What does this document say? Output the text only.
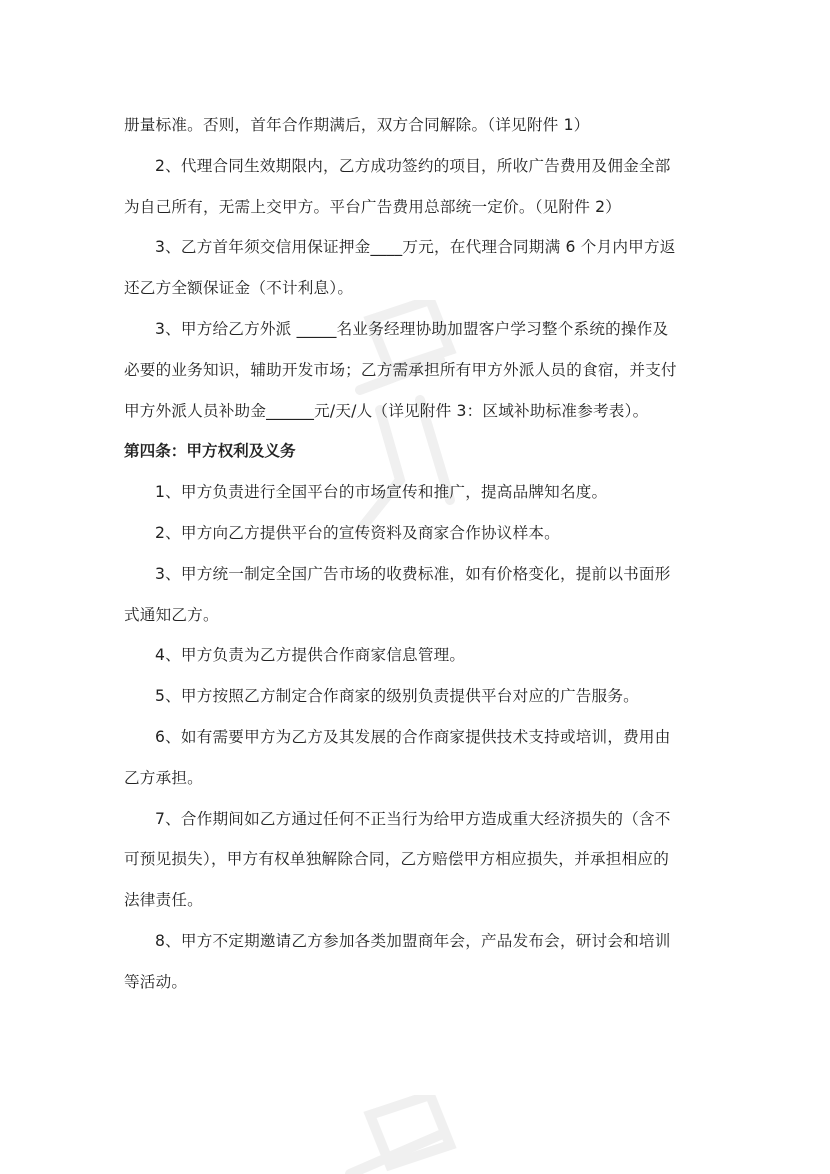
册量标准。否则，首年合作期满后，双方合同解除。（详见附件 1）
2、代理合同生效期限内，乙方成功签约的项目，所收广告费用及佣金全部
为自己所有，无需上交甲方。平台广告费用总部统一定价。（见附件 2）
3、乙方首年须交信用保证押金____万元，在代理合同期满 6 个月内甲方返
还乙方全额保证金（不计利息）。
3、甲方给乙方外派 _____名业务经理协助加盟客户学习整个系统的操作及
必要的业务知识，辅助开发市场；乙方需承担所有甲方外派人员的食宿，并支付
甲方外派人员补助金______元/天/人（详见附件 3：区域补助标准参考表）。
第四条：甲方权利及义务
1、甲方负责进行全国平台的市场宣传和推广，提高品牌知名度。
2、甲方向乙方提供平台的宣传资料及商家合作协议样本。
3、甲方统一制定全国广告市场的收费标准，如有价格变化，提前以书面形
式通知乙方。
4、甲方负责为乙方提供合作商家信息管理。
5、甲方按照乙方制定合作商家的级别负责提供平台对应的广告服务。
6、如有需要甲方为乙方及其发展的合作商家提供技术支持或培训，费用由
乙方承担。
7、合作期间如乙方通过任何不正当行为给甲方造成重大经济损失的（含不
可预见损失），甲方有权单独解除合同，乙方赔偿甲方相应损失，并承担相应的
法律责任。
8、甲方不定期邀请乙方参加各类加盟商年会，产品发布会，研讨会和培训
等活动。
